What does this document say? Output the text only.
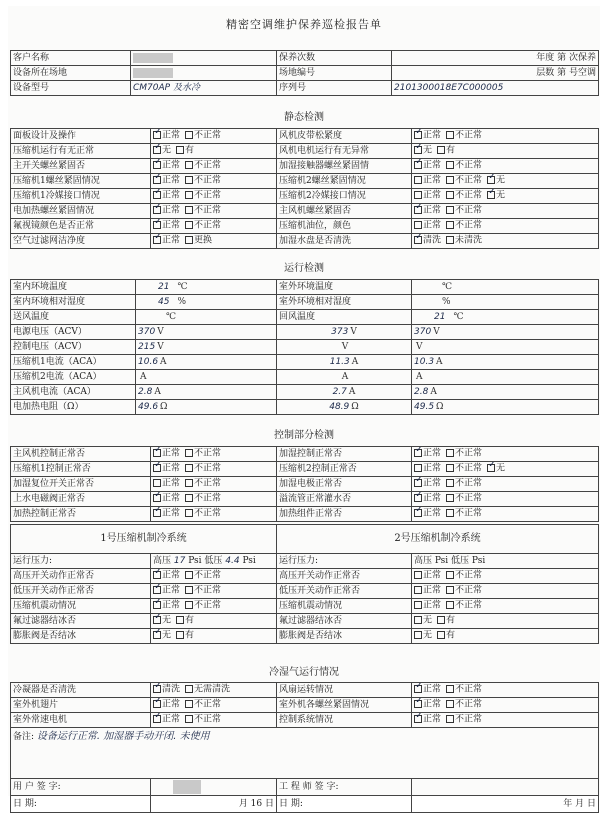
精密空调维护保养巡检报告单
客户名称		保养次数	年度 第 次保养
设备所在场地		场地编号	层数 第 号空调
设备型号	CM70AP 及水冷	序列号	2101300018E7C000005
静态检测
面板设计及操作	✓正常 不正常	风机皮带松紧度	✓正常 不正常
压缩机运行有无正常	✓无 有	风机电机运行有无异常	✓无 有
主开关螺丝紧固否	✓正常 不正常	加湿接触器螺丝紧固情	✓正常 不正常
压缩机1螺丝紧固情况	✓正常 不正常	压缩机2螺丝紧固情况	正常 不正常 ✓ 无
压缩机1冷媒接口情况	✓正常 不正常	压缩机2冷媒接口情况	正常 不正常 ✓ 无
电加热螺丝紧固情况	✓正常 不正常	主风机螺丝紧固否	✓正常 不正常
氟视镜颜色是否正常	✓正常 不正常	压缩机油位，颜色	正常 不正常
空气过滤网洁净度	✓正常 更换	加湿水盘是否清洗	✓清洗 未清洗
运行检测
室内环境温度	21 ℃	室外环境温度	℃
室内环境相对湿度	45 %	室外环境相对湿度	%
送风温度	℃	回风温度	21 ℃
电源电压（ACV）	370 V	373 V	370 V
控制电压（ACV）	215 V	V	V
压缩机1电流（ACA）	10.6 A	11.3 A	10.3 A
压缩机2电流（ACA）	A	A	A
主风机电流（ACA）	2.8 A	2.7 A	2.8 A
电加热电阻（Ω）	49.6 Ω	48.9 Ω	49.5 Ω
控制部分检测
主风机控制正常否	✓正常 不正常	加湿控制正常否	✓正常 不正常
压缩机1控制正常否	✓正常 不正常	压缩机2控制正常否	正常 不正常 ✓ 无
加湿复位开关正常否	正常 不正常	加湿电极正常否	✓正常 不正常
上水电磁阀正常否	✓正常 不正常	溢流管正常灌水否	✓正常 不正常
加热控制正常否	✓正常 不正常	加热组件正常否	✓正常 不正常
1号压缩机制冷系统		2号压缩机制冷系统	
运行压力:	高压 17 Psi 低压 4.4 Psi	运行压力:	高压 Psi 低压 Psi
高压开关动作正常否	✓正常 不正常	高压开关动作正常否	正常 不正常
低压开关动作正常否	✓正常 不正常	低压开关动作正常否	正常 不正常
压缩机震动情况	✓正常 不正常	压缩机震动情况	正常 不正常
氟过滤器结冰否	✓无 有	氟过滤器结冰否	无 有
膨胀阀是否结冰	✓无 有	膨胀阀是否结冰	无 有
冷湿气运行情况
冷凝器是否清洗	✓清洗 无需清洗	风扇运转情况	✓正常 不正常
室外机翅片	✓正常 不正常	室外机各螺丝紧固情况	✓正常 不正常
室外常速电机	✓正常 不正常	控制系统情况	✓正常 不正常
备注: 设备运行正常. 加湿器手动开闭. 未使用			
用 户 签 字:		工 程 师 签 字:	
日 期:	月 16 日	日 期:	年 月 日
